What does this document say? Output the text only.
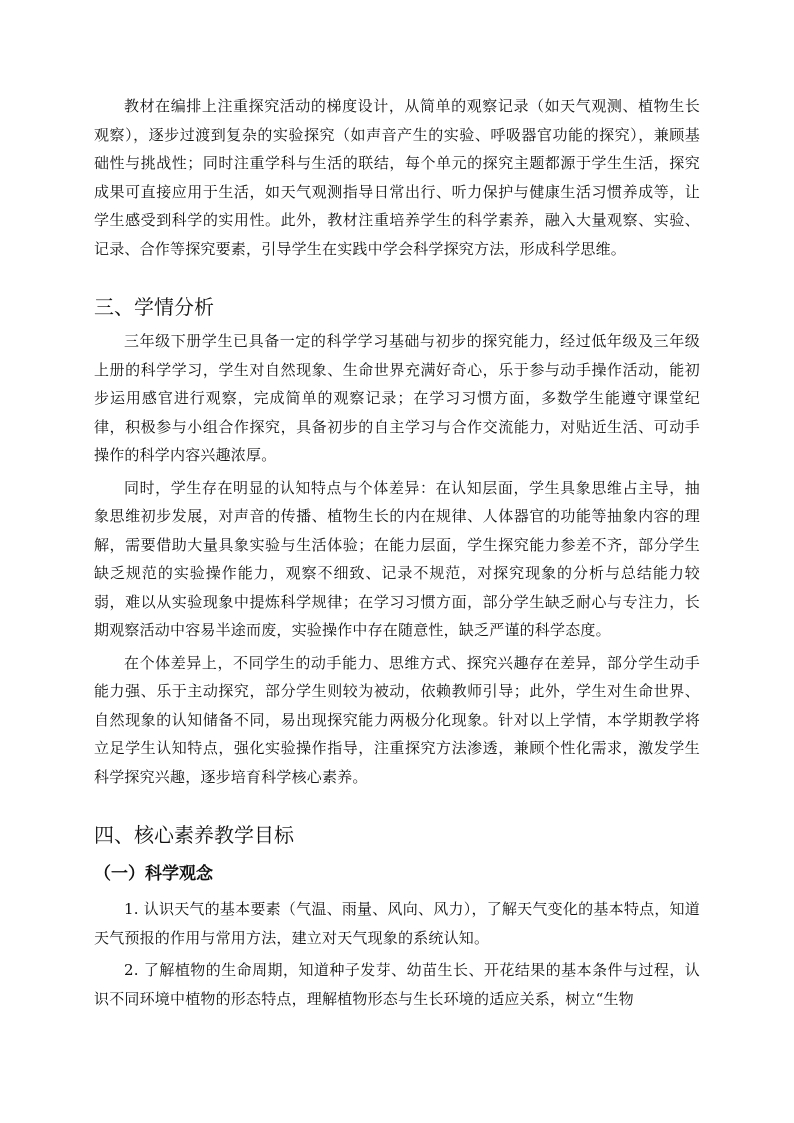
教材在编排上注重探究活动的梯度设计，从简单的观察记录（如天气观测、植物生长观察），逐步过渡到复杂的实验探究（如声音产生的实验、呼吸器官功能的探究），兼顾基础性与挑战性；同时注重学科与生活的联结，每个单元的探究主题都源于学生生活，探究成果可直接应用于生活，如天气观测指导日常出行、听力保护与健康生活习惯养成等，让学生感受到科学的实用性。此外，教材注重培养学生的科学素养，融入大量观察、实验、记录、合作等探究要素，引导学生在实践中学会科学探究方法，形成科学思维。

三、学情分析

三年级下册学生已具备一定的科学学习基础与初步的探究能力，经过低年级及三年级上册的科学学习，学生对自然现象、生命世界充满好奇心，乐于参与动手操作活动，能初步运用感官进行观察，完成简单的观察记录；在学习习惯方面，多数学生能遵守课堂纪律，积极参与小组合作探究，具备初步的自主学习与合作交流能力，对贴近生活、可动手操作的科学内容兴趣浓厚。

同时，学生存在明显的认知特点与个体差异：在认知层面，学生具象思维占主导，抽象思维初步发展，对声音的传播、植物生长的内在规律、人体器官的功能等抽象内容的理解，需要借助大量具象实验与生活体验；在能力层面，学生探究能力参差不齐，部分学生缺乏规范的实验操作能力，观察不细致、记录不规范，对探究现象的分析与总结能力较弱，难以从实验现象中提炼科学规律；在学习习惯方面，部分学生缺乏耐心与专注力，长期观察活动中容易半途而废，实验操作中存在随意性，缺乏严谨的科学态度。

在个体差异上，不同学生的动手能力、思维方式、探究兴趣存在差异，部分学生动手能力强、乐于主动探究，部分学生则较为被动，依赖教师引导；此外，学生对生命世界、自然现象的认知储备不同，易出现探究能力两极分化现象。针对以上学情，本学期教学将立足学生认知特点，强化实验操作指导，注重探究方法渗透，兼顾个性化需求，激发学生科学探究兴趣，逐步培育科学核心素养。

四、核心素养教学目标
（一）科学观念

1. 认识天气的基本要素（气温、雨量、风向、风力），了解天气变化的基本特点，知道天气预报的作用与常用方法，建立对天气现象的系统认知。

2. 了解植物的生命周期，知道种子发芽、幼苗生长、开花结果的基本条件与过程，认识不同环境中植物的形态特点，理解植物形态与生长环境的适应关系，树立“生物
